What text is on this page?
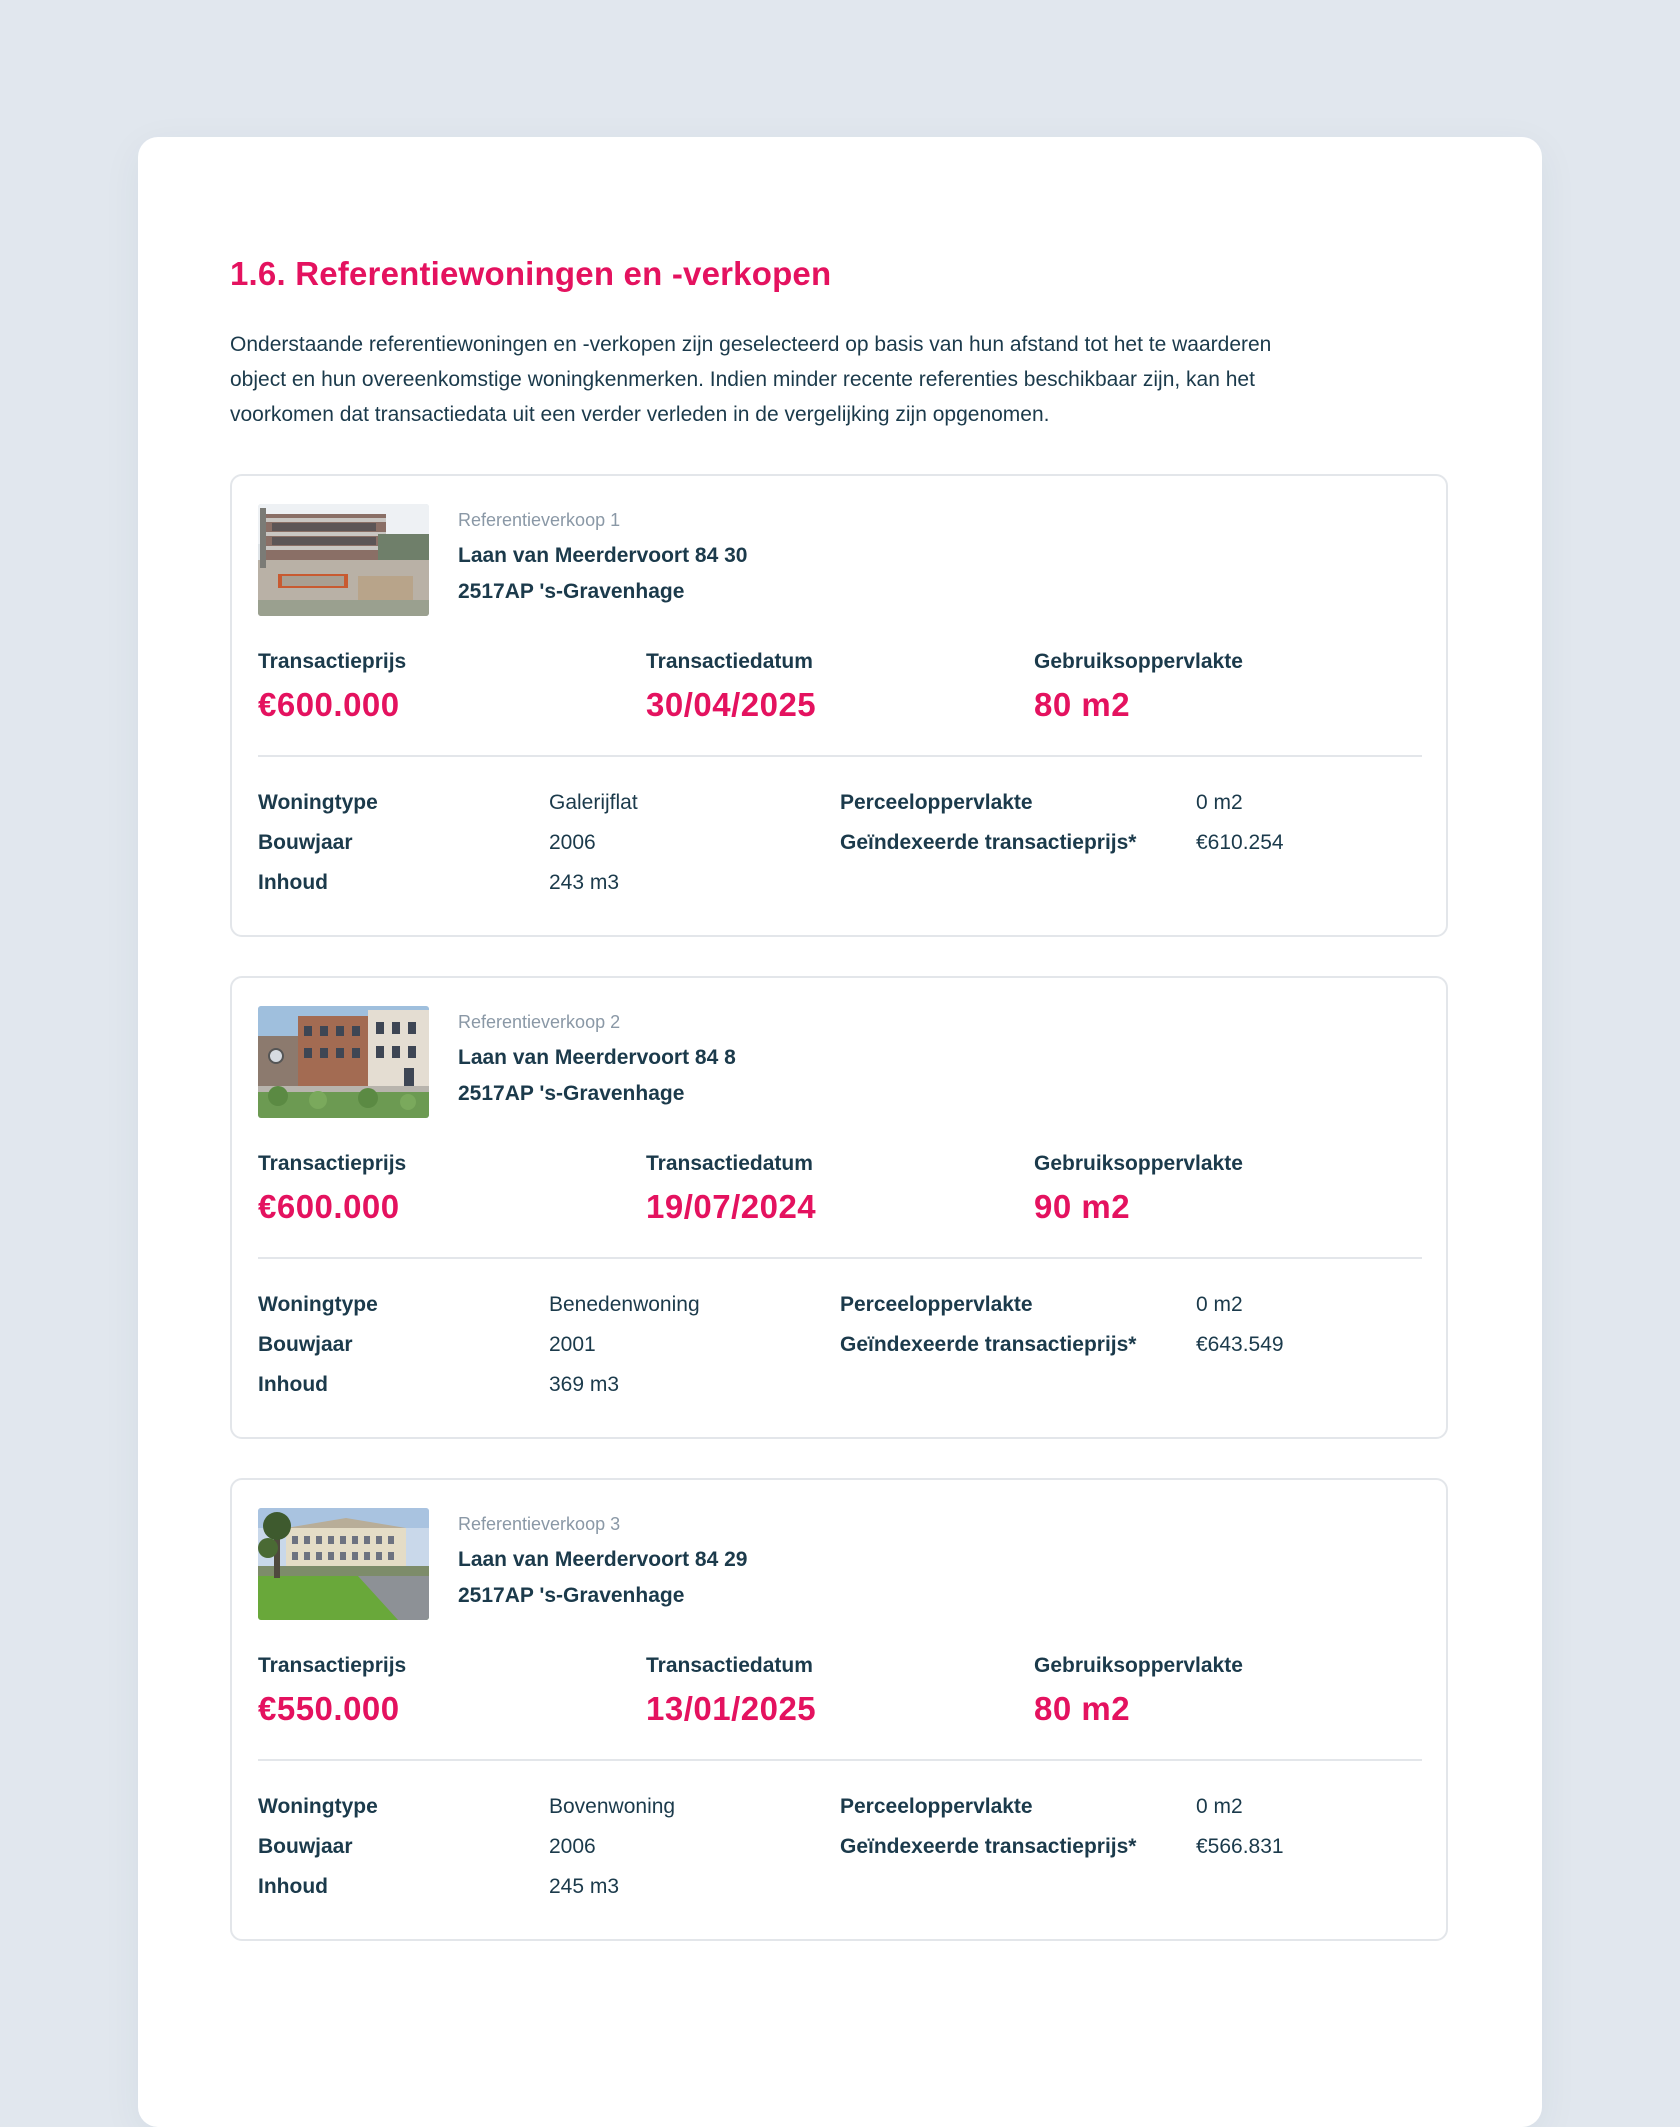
1.6. Referentiewoningen en -verkopen

Onderstaande referentiewoningen en -verkopen zijn geselecteerd op basis van hun afstand tot het te waarderen
object en hun overeenkomstige woningkenmerken. Indien minder recente referenties beschikbaar zijn, kan het
voorkomen dat transactiedata uit een verder verleden in de vergelijking zijn opgenomen.

Referentieverkoop 1
Laan van Meerdervoort 84 30
2517AP 's-Gravenhage
Transactieprijs
€600.000
Transactiedatum
30/04/2025
Gebruiksoppervlakte
80 m2
Woningtype	Galerijflat
Bouwjaar	2006
Inhoud	243 m3
Perceeloppervlakte	0 m2
Geïndexeerde transactieprijs*	€610.254
Referentieverkoop 2
Laan van Meerdervoort 84 8
2517AP 's-Gravenhage
Transactieprijs
€600.000
Transactiedatum
19/07/2024
Gebruiksoppervlakte
90 m2
Woningtype	Benedenwoning
Bouwjaar	2001
Inhoud	369 m3
Perceeloppervlakte	0 m2
Geïndexeerde transactieprijs*	€643.549
Referentieverkoop 3
Laan van Meerdervoort 84 29
2517AP 's-Gravenhage
Transactieprijs
€550.000
Transactiedatum
13/01/2025
Gebruiksoppervlakte
80 m2
Woningtype	Bovenwoning
Bouwjaar	2006
Inhoud	245 m3
Perceeloppervlakte	0 m2
Geïndexeerde transactieprijs*	€566.831
